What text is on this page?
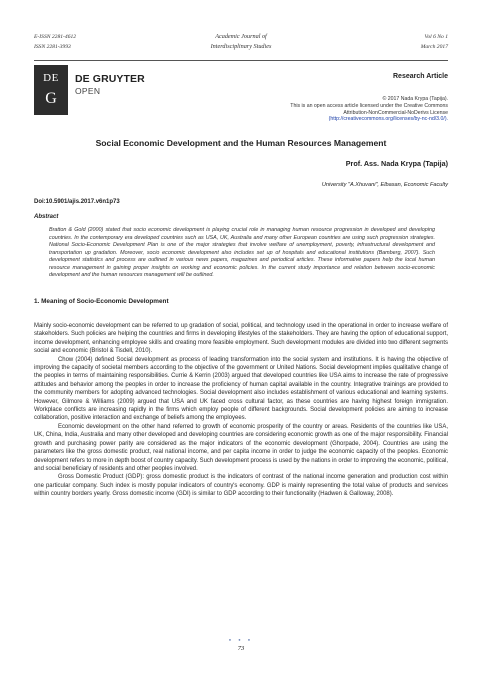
E-ISSN 2281-4612
ISSN 2281-3993
Academic Journal of
Interdisciplinary Studies
Vol 6 No 1
March 2017
DE
G
DE GRUYTER
OPEN
Research Article
© 2017 Nada Krypa (Tapija).
This is an open access article licensed under the Creative Commons
Attribution-NonCommercial-NoDerivs License
(http://creativecommons.org/licenses/by-nc-nd/3.0/).
Social Economic Development and the Human Resources Management
Prof. Ass. Nada Krypa (Tapija)
University "A.Xhuvani", Elbasan, Economic Faculty
Doi:10.5901/ajis.2017.v6n1p73
Abstract
Bratton & Gold (2000) stated that socio economic development is playing crucial role in managing human resource progression in developed and developing countries. In the contemporary era developed countries such as USA, UK, Australia and many other European countries are using such progression strategies. National Socio-Economic Development Plan is one of the major strategies that involve welfare of unemployment, poverty, infrastructural development and transportation up gradation. Moreover, socio economic development also includes set up of hospitals and educational institutions (Bamberg, 2007). Such development statistics and process are outlined in various news papers, magazines and periodical articles. These informative papers help the local human resource management in gaining proper insights on working and economic policies. In the current study importance and relation between socio-economic development and the human resources management will be outlined.
1. Meaning of Socio-Economic Development

Mainly socio-economic development can be referred to up gradation of social, political, and technology used in the operational in order to increase welfare of stakeholders. Such policies are helping the countries and firms in developing lifestyles of the stakeholders. They are having the option of educational support, income development, enhancing employee skills and creating more feasible employment. Such development modules are divided into two different segments social and economic (Bristol & Tisdell, 2010).

Chow (2004) defined Social development as process of leading transformation into the social system and institutions. It is having the objective of improving the capacity of societal members according to the objective of the government or United Nations. Social development implies qualitative change of the peoples in terms of maintaining responsibilities. Currie & Kerrin (2003) argued that developed countries like USA aims to increase the rate of progressive attitudes and behavior among the peoples in order to increase the proficiency of human capital available in the country. Integrative trainings are provided to the community members for adopting advanced technologies. Social development also includes establishment of various educational and learning systems. However, Gilmore & Williams (2009) argued that USA and UK faced cross cultural factor, as these countries are having highest foreign immigration. Workplace conflicts are increasing rapidly in the firms which employ people of different backgrounds. Social development policies are aiming to increase collaboration, positive interaction and exchange of beliefs among the employees.

Economic development on the other hand referred to growth of economic prosperity of the country or areas. Residents of the countries like USA, UK, China, India, Australia and many other developed and developing countries are considering economic growth as one of the major responsibility. Financial growth and purchasing power parity are considered as the major indicators of the economic development (Ghorpade, 2004). Countries are using the parameters like the gross domestic product, real national income, and per capita income in order to judge the economic capacity of the peoples. Economic development refers to more in depth boost of country capacity. Such development process is used by the nations in order to improving the economic, political, and social beneficiary of residents and other peoples involved.

Gross Domestic Product (GDP): gross domestic product is the indicators of contrast of the national income generation and production cost within one particular company. Such index is mostly popular indicators of country's economy. GDP is mainly representing the total value of products and services within country borders yearly. Gross domestic income (GDI) is similar to GDP according to their functionality (Hadwen & Galloway, 2008).

● ● ●
73
